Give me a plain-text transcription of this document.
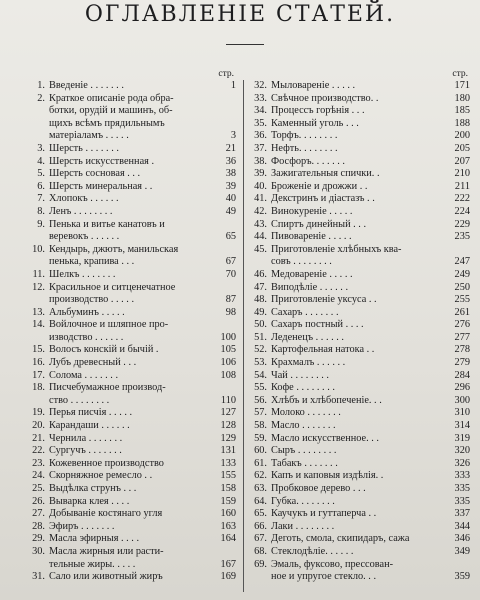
ОГЛАВЛЕНІЕ СТАТЕЙ.
стр.
1. Введеніе . . . . . . .	1
2. Краткое описаніе рода обра-
ботки, орудій и машинъ, об-
щихъ всѣмъ прядильнымъ
матеріаламъ . . . . .	3
3. Шерсть . . . . . . .	21
4. Шерсть искусственная .	36
5. Шерсть сосновая . . .	38
6. Шерсть минеральная . .	39
7. Хлопокъ . . . . . .	40
8. Ленъ . . . . . . . .	49
9. Пенька и витье канатовъ и
веревокъ . . . . . .	65
10. Кендырь, джютъ, манильская
пенька, крапива . . .	67
11. Шелкъ . . . . . . .	70
12. Красильное и ситценечатное
производство . . . . .	87
13. Альбуминъ . . . . .	98
14. Войлочное и шляпное про-
изводство . . . . . .	100
15. Волосъ конскій и бычій .	105
16. Лубъ древесный . . .	106
17. Солома . . . . . . .	108
18. Писчебумажное производ-
ство . . . . . . . .	110
19. Перья писчія . . . . .	127
20. Карандаши . . . . . .	128
21. Чернила . . . . . . .	129
22. Сургучъ . . . . . . .	131
23. Кожевенное производство	133
24. Скорняжное ремесло . .	155
25. Выдѣлка струнъ . . .	158
26. Выварка клея . . . .	159
27. Добываніе костянаго угля	160
28. Эфиръ . . . . . . .	163
29. Масла эфирныя . . . .	164
30. Масла жирныя или расти-
тельные жиры. . . . .	167
31. Сало или животный жиръ	169
стр.
32. Мыловареніе . . . . .	171
33. Свѣчное производство. .	180
34. Процессъ горѣнія . . .	185
35. Каменный уголь . . .	188
36. Торфъ. . . . . . . .	200
37. Нефть. . . . . . . .	205
38. Фосфоръ. . . . . . .	207
39. Зажигательныя спички. .	210
40. Броженіе и дрожжи . .	211
41. Декстринъ и діастазъ . .	222
42. Винокуреніе . . . . .	224
43. Спиртъ динейный . . .	229
44. Пивовареніе . . . . .	235
45. Приготовленіе хлѣбныхъ ква-
совъ . . . . . . . .	247
46. Медовареніе . . . . .	249
47. Виподѣліе . . . . . .	250
48. Приготовленіе уксуса . .	255
49. Сахаръ . . . . . . .	261
50. Сахаръ постный . . . .	276
51. Леденецъ . . . . . .	277
52. Картофельная натока . .	278
53. Крахмалъ . . . . . .	279
54. Чай . . . . . . . .	284
55. Кофе . . . . . . . .	296
56. Хлѣбъ и хлѣбопеченіе. . .	300
57. Молоко . . . . . . .	310
58. Масло . . . . . . .	314
59. Масло искусственное. . .	319
60. Сыръ . . . . . . . .	320
61. Табакъ . . . . . . .	326
62. Капъ и каповыя издѣлія. .	333
63. Пробковое дерево . . .	335
64. Губка. . . . . . . .	335
65. Каучукъ и гуттаперча . .	337
66. Лаки . . . . . . . .	344
67. Деготь, смола, скипидаръ, сажа	346
68. Стеклодѣліе. . . . . .	349
69. Эмаль, фуксово, прессован-
ное и упругое стекло. . .	359
